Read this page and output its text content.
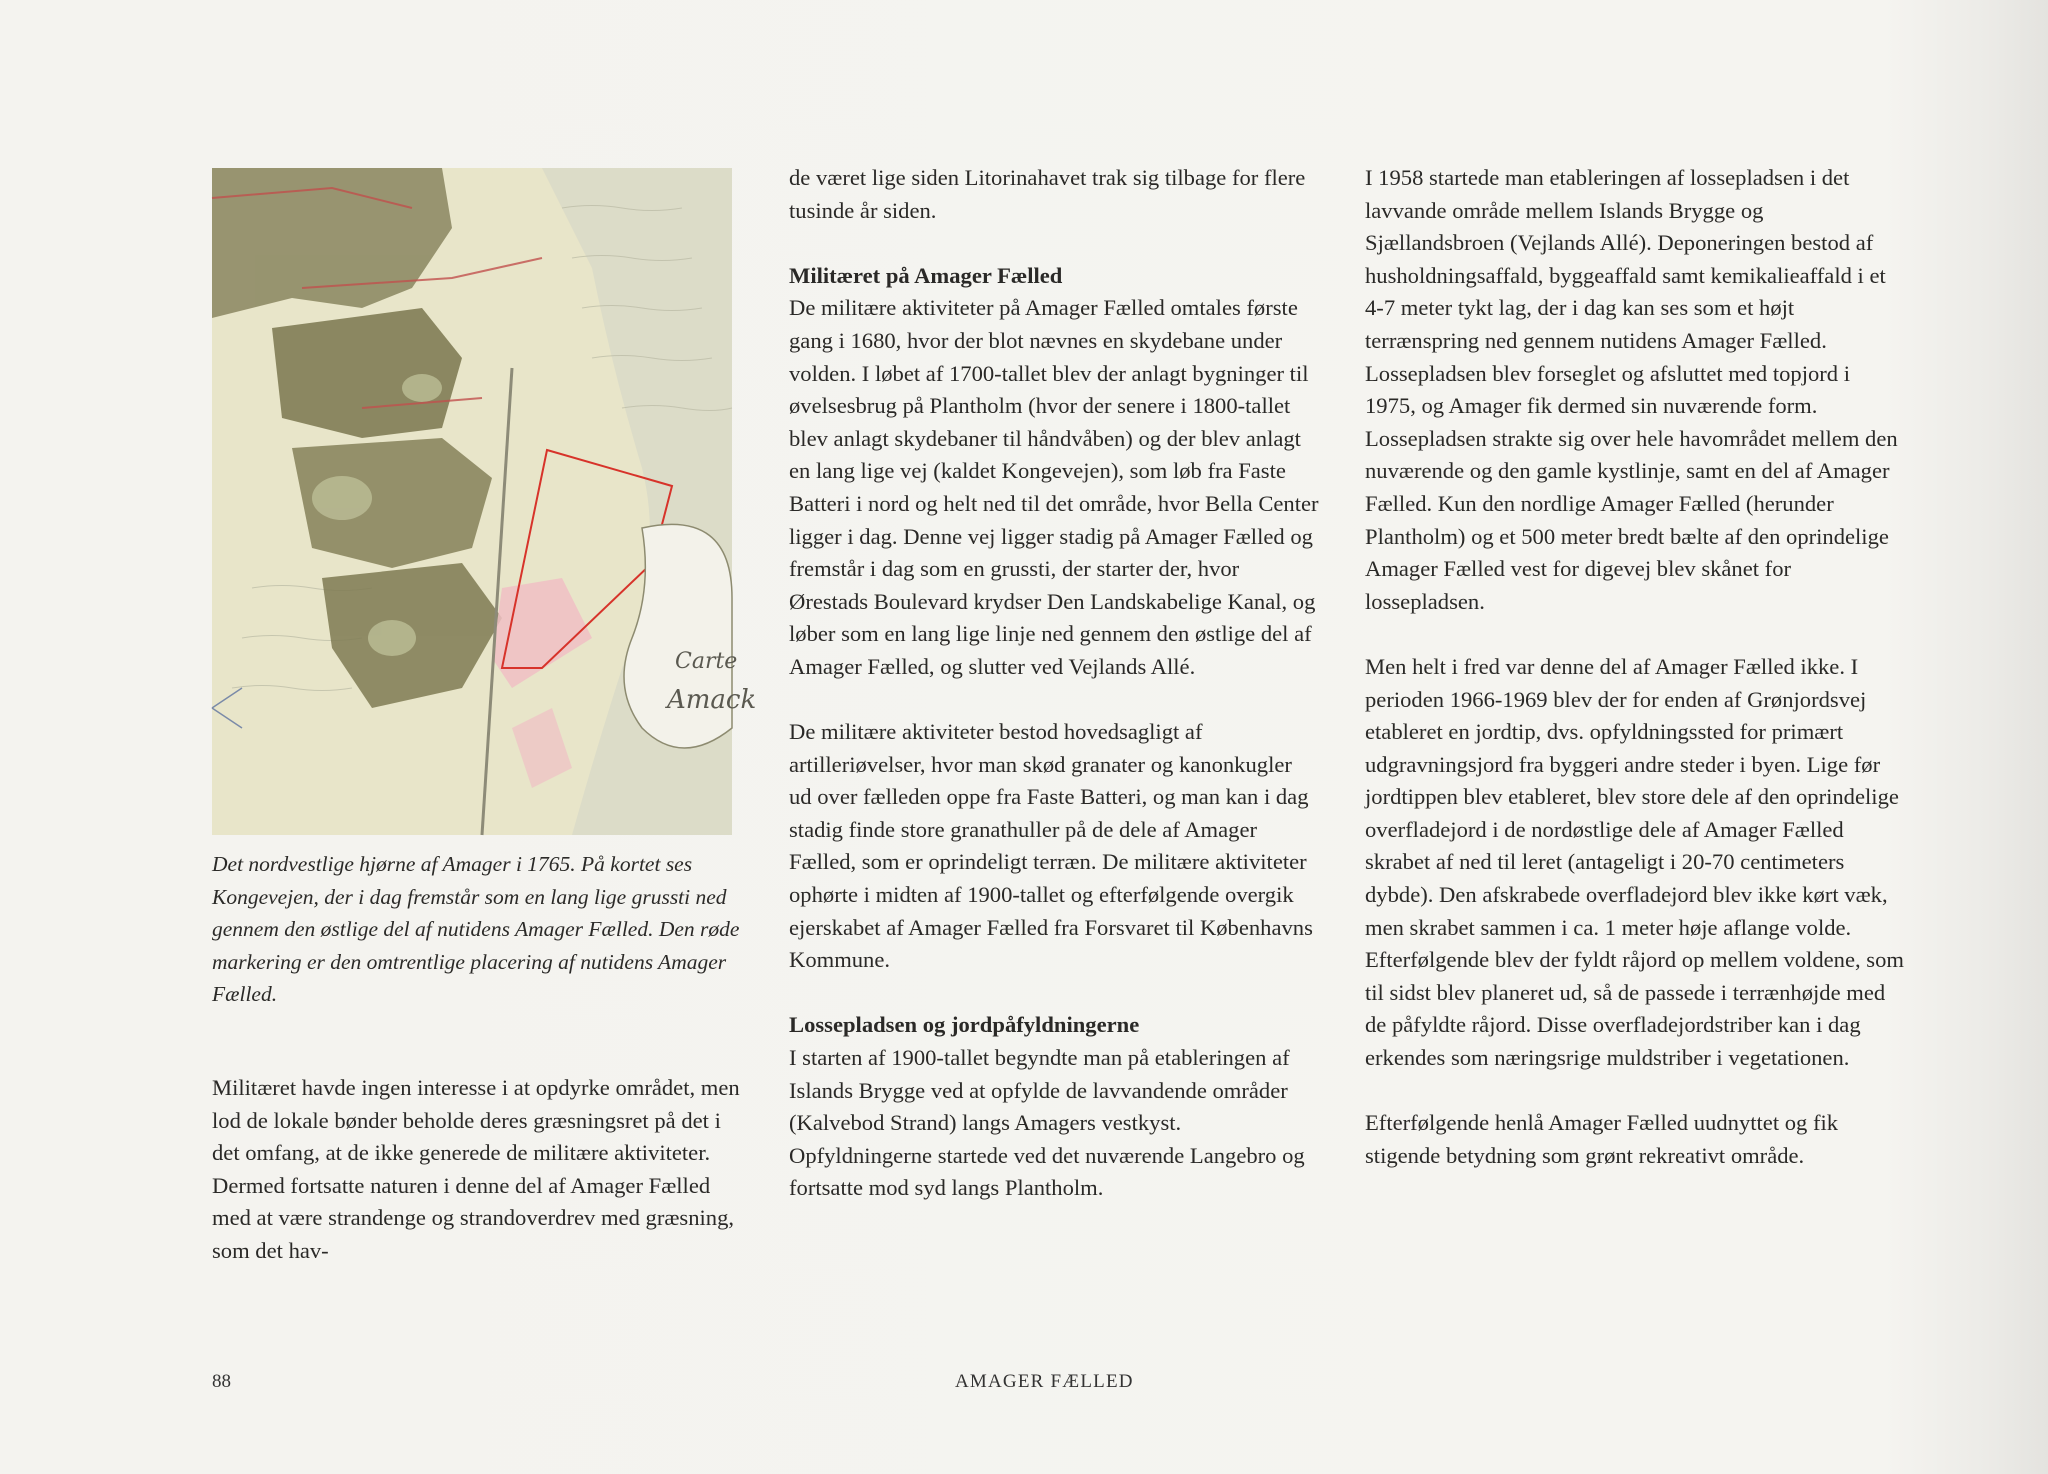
Carte
Amack

Det nordvestlige hjørne af Amager i 1765. På kortet ses Kongevejen, der i dag fremstår som en lang lige grussti ned gennem den østlige del af nutidens Amager Fælled. Den røde markering er den omtrentlige placering af nutidens Amager Fælled.

Militæret havde ingen interesse i at opdyrke området, men lod de lokale bønder beholde deres græsningsret på det i det omfang, at de ikke generede de militære aktiviteter. Dermed fortsatte naturen i denne del af Amager Fælled med at være strandenge og strandoverdrev med græsning, som det hav-

de været lige siden Litorinahavet trak sig tilbage for flere tusinde år siden.

Militæret på Amager Fælled

De militære aktiviteter på Amager Fælled omtales første gang i 1680, hvor der blot nævnes en skydebane under volden. I løbet af 1700-tallet blev der anlagt bygninger til øvelsesbrug på Plantholm (hvor der senere i 1800-tallet blev anlagt skydebaner til håndvåben) og der blev anlagt en lang lige vej (kaldet Kongevejen), som løb fra Faste Batteri i nord og helt ned til det område, hvor Bella Center ligger i dag. Denne vej ligger stadig på Amager Fælled og fremstår i dag som en grussti, der starter der, hvor Ørestads Boulevard krydser Den Landskabelige Kanal, og løber som en lang lige linje ned gennem den østlige del af Amager Fælled, og slutter ved Vejlands Allé.

De militære aktiviteter bestod hovedsagligt af artilleriøvelser, hvor man skød granater og kanonkugler ud over fælleden oppe fra Faste Batteri, og man kan i dag stadig finde store granathuller på de dele af Amager Fælled, som er oprindeligt terræn. De militære aktiviteter ophørte i midten af 1900-tallet og efterfølgende overgik ejerskabet af Amager Fælled fra Forsvaret til Københavns Kommune.

Lossepladsen og jordpåfyldningerne

I starten af 1900-tallet begyndte man på etableringen af Islands Brygge ved at opfylde de lavvandende områder (Kalvebod Strand) langs Amagers vestkyst. Opfyldningerne startede ved det nuværende Langebro og fortsatte mod syd langs Plantholm.

I 1958 startede man etableringen af lossepladsen i det lavvande område mellem Islands Brygge og Sjællandsbroen (Vejlands Allé). Deponeringen bestod af husholdningsaffald, byggeaffald samt kemikalieaffald i et 4-7 meter tykt lag, der i dag kan ses som et højt terrænspring ned gennem nutidens Amager Fælled. Lossepladsen blev forseglet og afsluttet med topjord i 1975, og Amager fik dermed sin nuværende form. Lossepladsen strakte sig over hele havområdet mellem den nuværende og den gamle kystlinje, samt en del af Amager Fælled. Kun den nordlige Amager Fælled (herunder Plantholm) og et 500 meter bredt bælte af den oprindelige Amager Fælled vest for digevej blev skånet for lossepladsen.

Men helt i fred var denne del af Amager Fælled ikke. I perioden 1966-1969 blev der for enden af Grønjordsvej etableret en jordtip, dvs. opfyldningssted for primært udgravningsjord fra byggeri andre steder i byen. Lige før jordtippen blev etableret, blev store dele af den oprindelige overfladejord i de nordøstlige dele af Amager Fælled skrabet af ned til leret (antageligt i 20-70 centimeters dybde). Den afskrabede overfladejord blev ikke kørt væk, men skrabet sammen i ca. 1 meter høje aflange volde. Efterfølgende blev der fyldt råjord op mellem voldene, som til sidst blev planeret ud, så de passede i terrænhøjde med de påfyldte råjord. Disse overfladejordstriber kan i dag erkendes som næringsrige muldstriber i vegetationen.

Efterfølgende henlå Amager Fælled uudnyttet og fik stigende betydning som grønt rekreativt område.

88	AMAGER FÆLLED
